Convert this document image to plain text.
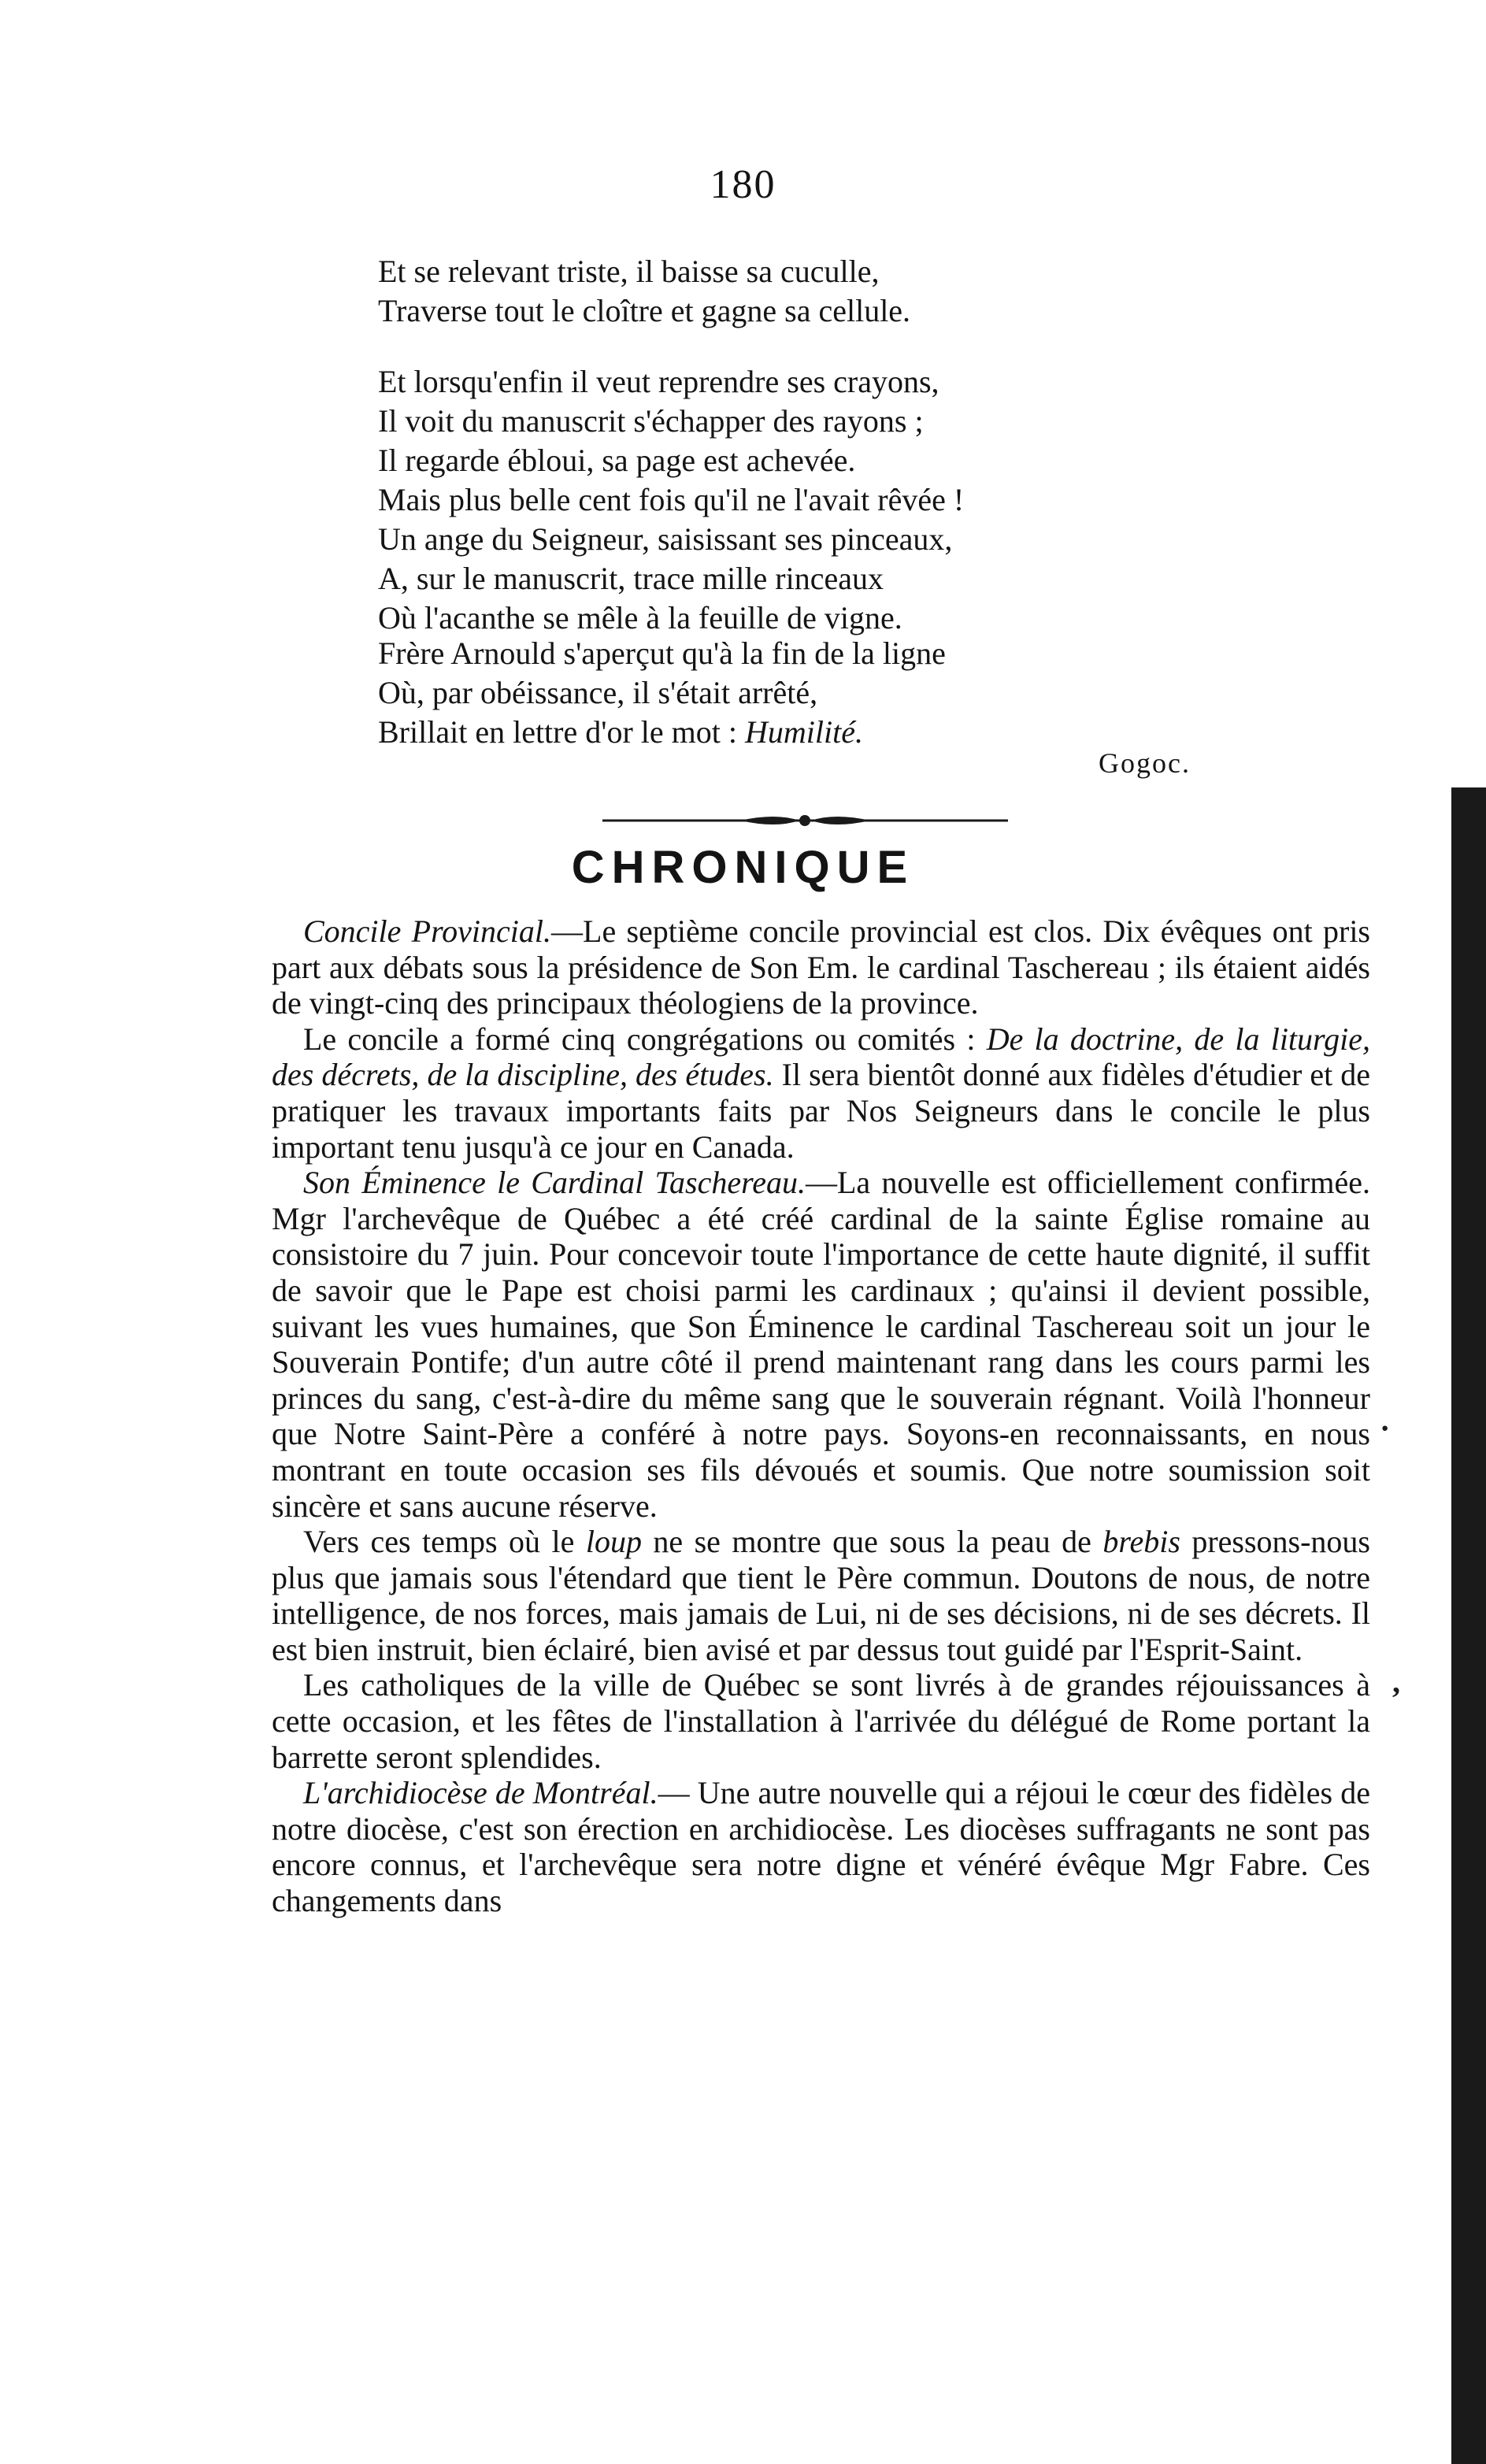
180
Et se relevant triste, il baisse sa cuculle,
Traverse tout le cloître et gagne sa cellule.
Et lorsqu'enfin il veut reprendre ses crayons,
Il voit du manuscrit s'échapper des rayons ;
Il regarde ébloui, sa page est achevée.
Mais plus belle cent fois qu'il ne l'avait rêvée !
Un ange du Seigneur, saisissant ses pinceaux,
A, sur le manuscrit, trace mille rinceaux
Où l'acanthe se mêle à la feuille de vigne.
Frère Arnould s'aperçut qu'à la fin de la ligne
Où, par obéissance, il s'était arrêté,
Brillait en lettre d'or le mot : Humilité.
Gogoc.
CHRONIQUE

Concile Provincial.—Le septième concile provincial est clos. Dix évêques ont pris part aux débats sous la présidence de Son Em. le cardinal Taschereau ; ils étaient aidés de vingt-cinq des principaux théologiens de la province.

Le concile a formé cinq congrégations ou comités : De la doctrine, de la liturgie, des décrets, de la discipline, des études. Il sera bientôt donné aux fidèles d'étudier et de pratiquer les travaux importants faits par Nos Seigneurs dans le concile le plus important tenu jusqu'à ce jour en Canada.

Son Éminence le Cardinal Taschereau.—La nouvelle est officiellement confirmée. Mgr l'archevêque de Québec a été créé cardinal de la sainte Église romaine au consistoire du 7 juin. Pour concevoir toute l'importance de cette haute dignité, il suffit de savoir que le Pape est choisi parmi les cardinaux ; qu'ainsi il devient possible, suivant les vues humaines, que Son Éminence le cardinal Taschereau soit un jour le Souverain Pontife; d'un autre côté il prend maintenant rang dans les cours parmi les princes du sang, c'est-à-dire du même sang que le souverain régnant. Voilà l'honneur que Notre Saint-Père a conféré à notre pays. Soyons-en reconnaissants, en nous montrant en toute occasion ses fils dévoués et soumis. Que notre soumission soit sincère et sans aucune réserve.

Vers ces temps où le loup ne se montre que sous la peau de brebis pressons-nous plus que jamais sous l'étendard que tient le Père commun. Doutons de nous, de notre intelligence, de nos forces, mais jamais de Lui, ni de ses décisions, ni de ses décrets. Il est bien instruit, bien éclairé, bien avisé et par dessus tout guidé par l'Esprit-Saint.

Les catholiques de la ville de Québec se sont livrés à de grandes réjouissances à cette occasion, et les fêtes de l'installation à l'arrivée du délégué de Rome portant la barrette seront splendides.

L'archidiocèse de Montréal.— Une autre nouvelle qui a réjoui le cœur des fidèles de notre diocèse, c'est son érection en archidiocèse. Les diocèses suffragants ne sont pas encore connus, et l'archevêque sera notre digne et vénéré évêque Mgr Fabre. Ces changements dans

,
·
